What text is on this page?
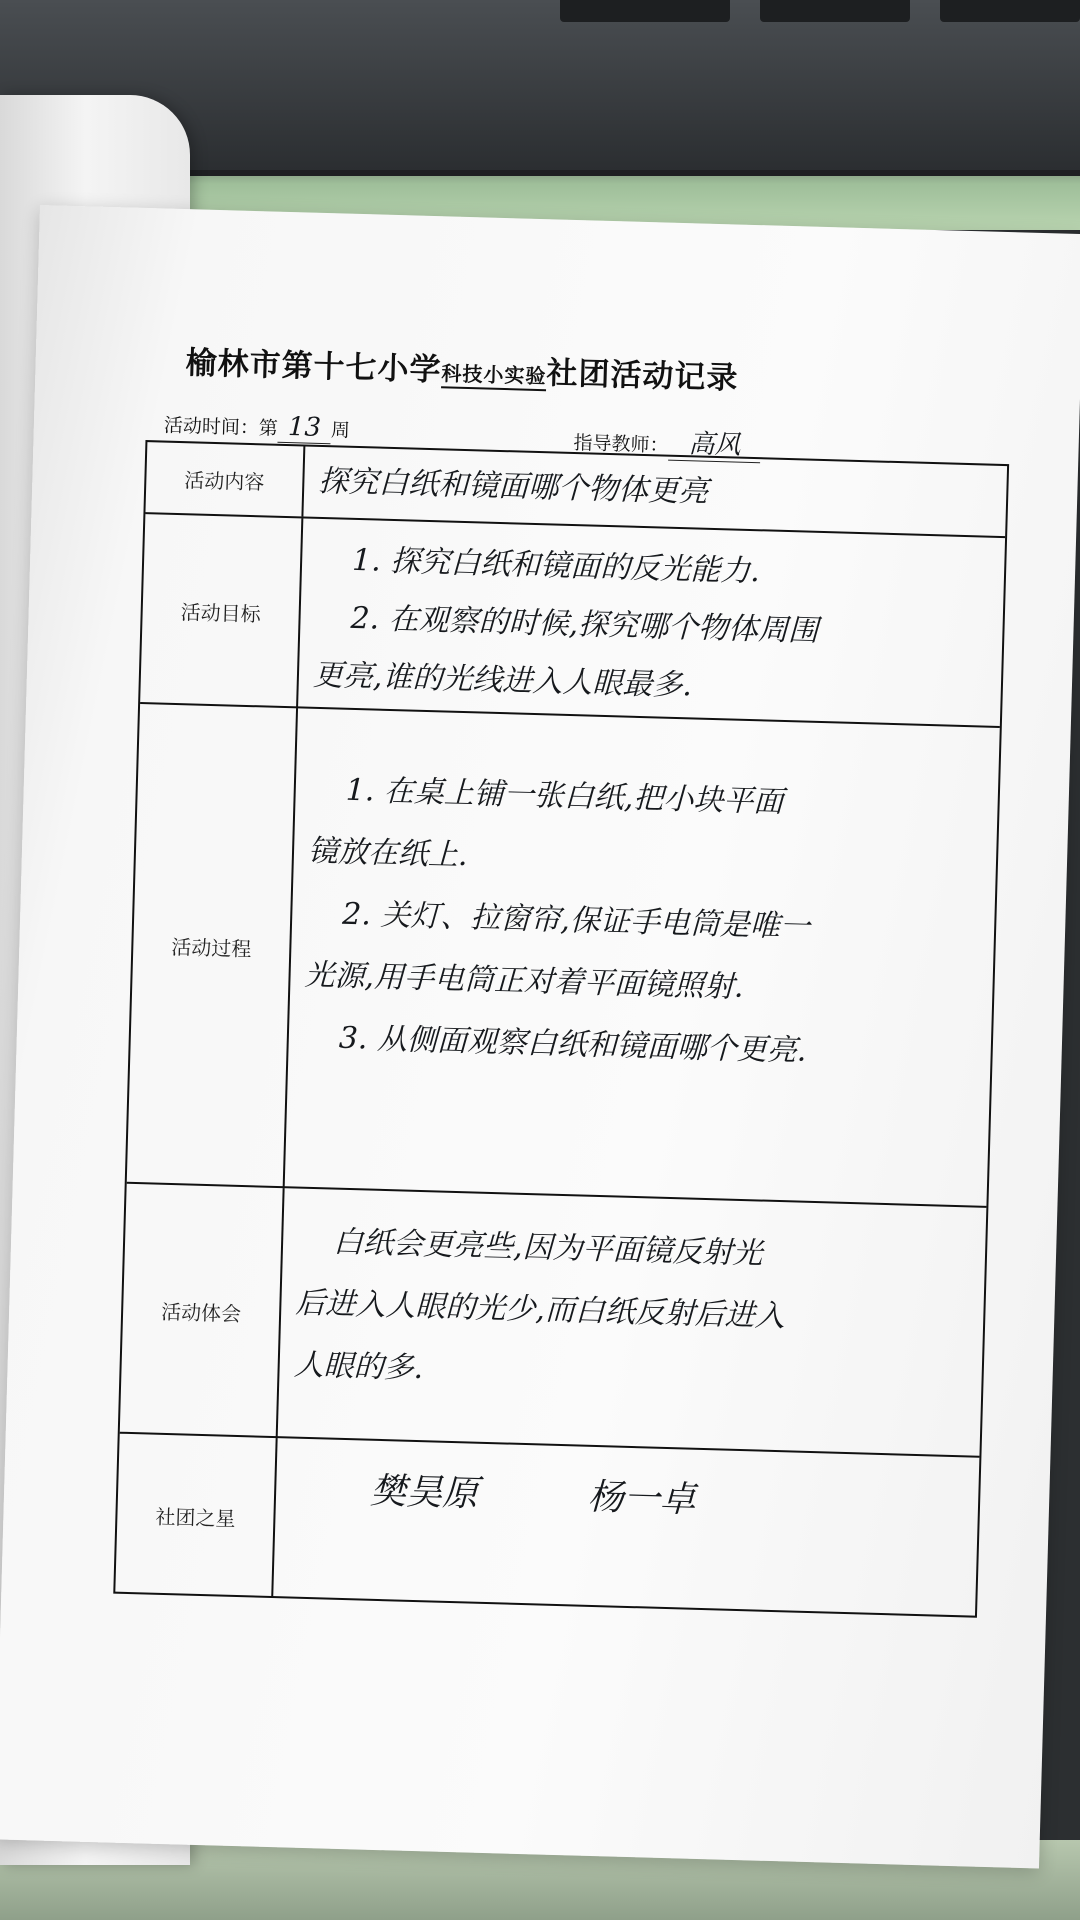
榆林市第十七小学科技小实验社团活动记录
活动时间：第 13 周
指导教师： 高风
活动内容	探究白纸和镜面哪个物体更亮

活动目标

1. 探究白纸和镜面的反光能力.

2. 在观察的时候,探究哪个物体周围

更亮,谁的光线进入人眼最多.

活动过程

1. 在桌上铺一张白纸,把小块平面

镜放在纸上.

2. 关灯、拉窗帘,保证手电筒是唯一

光源,用手电筒正对着平面镜照射.

3. 从侧面观察白纸和镜面哪个更亮.

活动体会

白纸会更亮些,因为平面镜反射光

后进入人眼的光少,而白纸反射后进入

人眼的多.

社团之星
樊昊原	杨一卓
